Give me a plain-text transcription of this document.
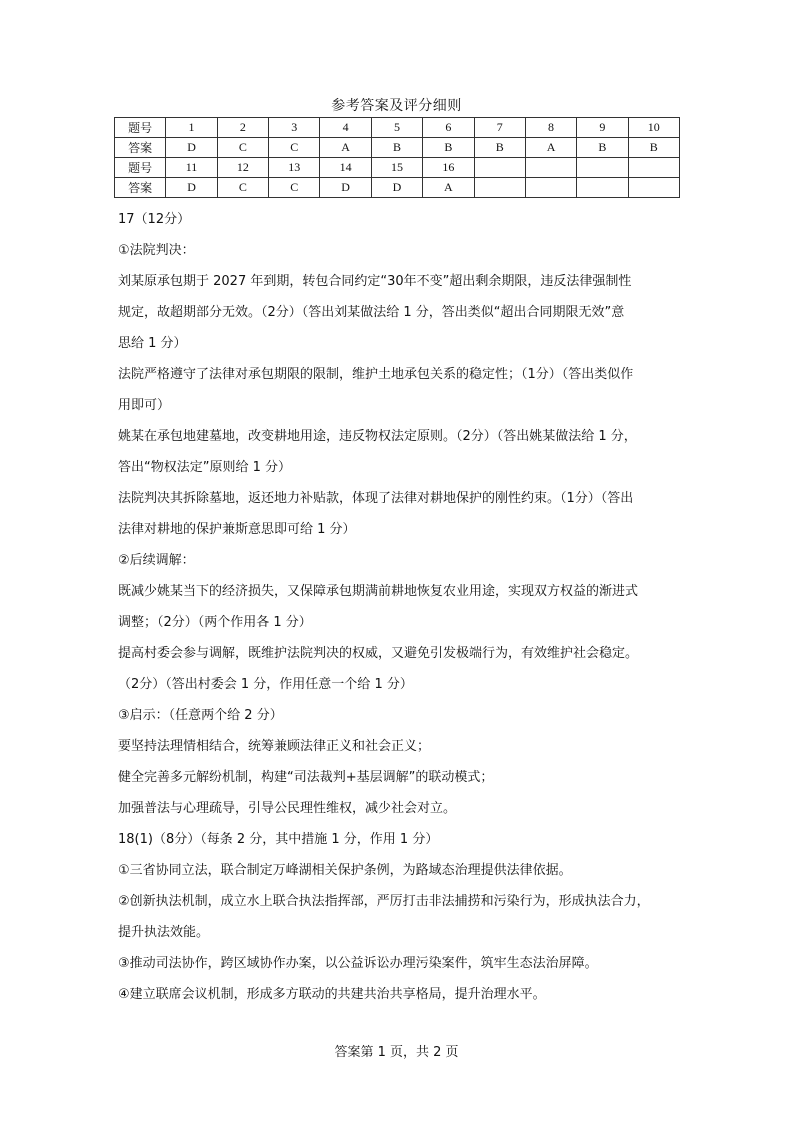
参考答案及评分细则
题号	1	2	3	4	5	6	7	8	9	10
答案	D	C	C	A	B	B	B	A	B	B
题号	11	12	13	14	15	16				
答案	D	C	C	D	D	A				

17（12分）

①法院判决：

刘某原承包期于 2027 年到期，转包合同约定“30年不变”超出剩余期限，违反法律强制性

规定，故超期部分无效。（2分）（答出刘某做法给 1 分，答出类似“超出合同期限无效”意

思给 1 分）

法院严格遵守了法律对承包期限的限制，维护土地承包关系的稳定性；（1分）（答出类似作

用即可）

姚某在承包地建墓地，改变耕地用途，违反物权法定原则。（2分）（答出姚某做法给 1 分，

答出“物权法定”原则给 1 分）

法院判决其拆除墓地，返还地力补贴款，体现了法律对耕地保护的刚性约束。（1分）（答出

法律对耕地的保护兼斯意思即可给 1 分）

②后续调解：

既减少姚某当下的经济损失，又保障承包期满前耕地恢复农业用途，实现双方权益的渐进式

调整；（2分）（两个作用各 1 分）

提高村委会参与调解，既维护法院判决的权威，又避免引发极端行为，有效维护社会稳定。

（2分）（答出村委会 1 分，作用任意一个给 1 分）

③启示：（任意两个给 2 分）

要坚持法理情相结合，统筹兼顾法律正义和社会正义；

健全完善多元解纷机制，构建“司法裁判+基层调解”的联动模式；

加强普法与心理疏导，引导公民理性维权，减少社会对立。

18(1)（8分）（每条 2 分，其中措施 1 分，作用 1 分）

①三省协同立法，联合制定万峰湖相关保护条例，为路域态治理提供法律依据。

②创新执法机制，成立水上联合执法指挥部，严厉打击非法捕捞和污染行为，形成执法合力，

提升执法效能。

③推动司法协作，跨区域协作办案，以公益诉讼办理污染案件，筑牢生态法治屏障。

④建立联席会议机制，形成多方联动的共建共治共享格局，提升治理水平。

答案第 1 页，共 2 页
